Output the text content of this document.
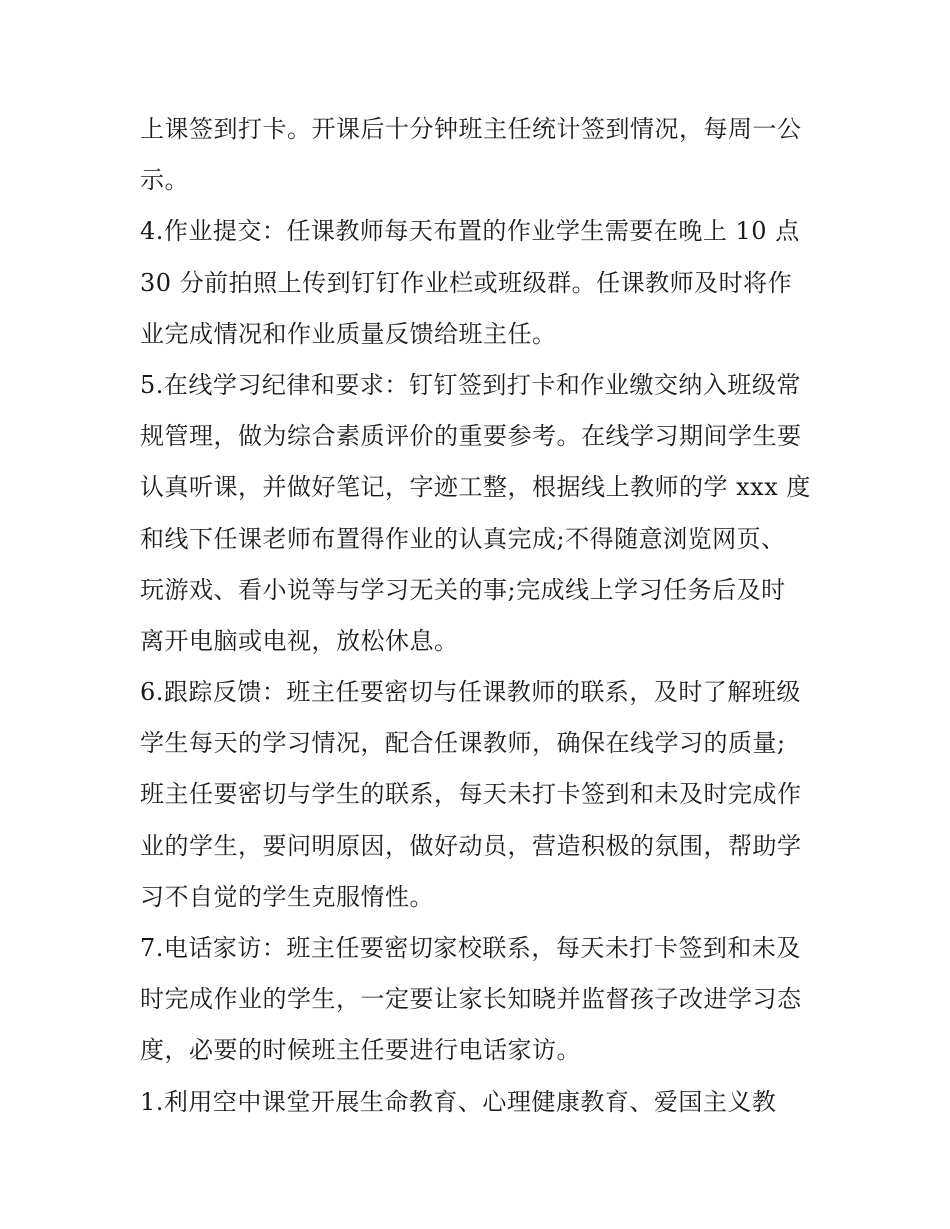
上课签到打卡。开课后十分钟班主任统计签到情况，每周一公
示。
4.作业提交：任课教师每天布置的作业学生需要在晚上 10 点
30 分前拍照上传到钉钉作业栏或班级群。任课教师及时将作
业完成情况和作业质量反馈给班主任。
5.在线学习纪律和要求：钉钉签到打卡和作业缴交纳入班级常
规管理，做为综合素质评价的重要参考。在线学习期间学生要
认真听课，并做好笔记，字迹工整，根据线上教师的学 xxx 度
和线下任课老师布置得作业的认真完成;不得随意浏览网页、
玩游戏、看小说等与学习无关的事;完成线上学习任务后及时
离开电脑或电视，放松休息。
6.跟踪反馈：班主任要密切与任课教师的联系，及时了解班级
学生每天的学习情况，配合任课教师，确保在线学习的质量;
班主任要密切与学生的联系，每天未打卡签到和未及时完成作
业的学生，要问明原因，做好动员，营造积极的氛围，帮助学
习不自觉的学生克服惰性。
7.电话家访：班主任要密切家校联系，每天未打卡签到和未及
时完成作业的学生，一定要让家长知晓并监督孩子改进学习态
度，必要的时候班主任要进行电话家访。
1.利用空中课堂开展生命教育、心理健康教育、爱国主义教
